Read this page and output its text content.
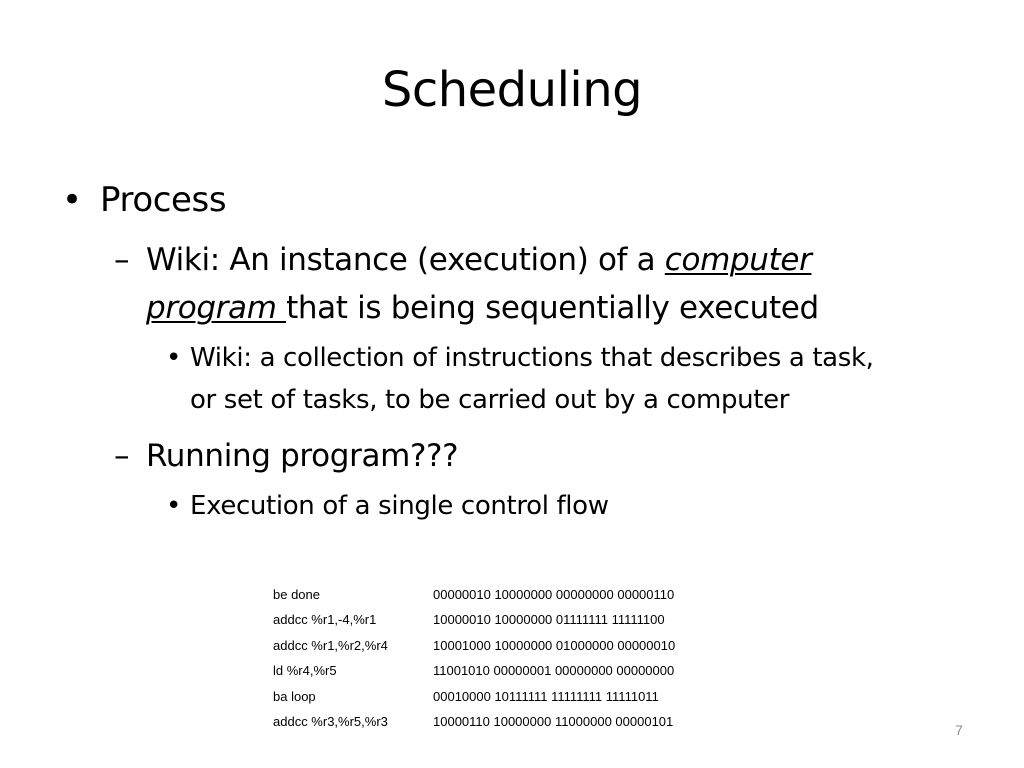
Scheduling
• Process
– Wiki: An instance (execution) of a computer
program that is being sequentially executed
• Wiki: a collection of instructions that describes a task,
or set of tasks, to be carried out by a computer
– Running program???
• Execution of a single control flow
be done	00000010 10000000 00000000 00000110
addcc %r1,-4,%r1	10000010 10000000 01111111 11111100
addcc %r1,%r2,%r4	10001000 10000000 01000000 00000010
ld %r4,%r5	11001010 00000001 00000000 00000000
ba loop	00010000 10111111 11111111 11111011
addcc %r3,%r5,%r3	10000110 10000000 11000000 00000101
7
